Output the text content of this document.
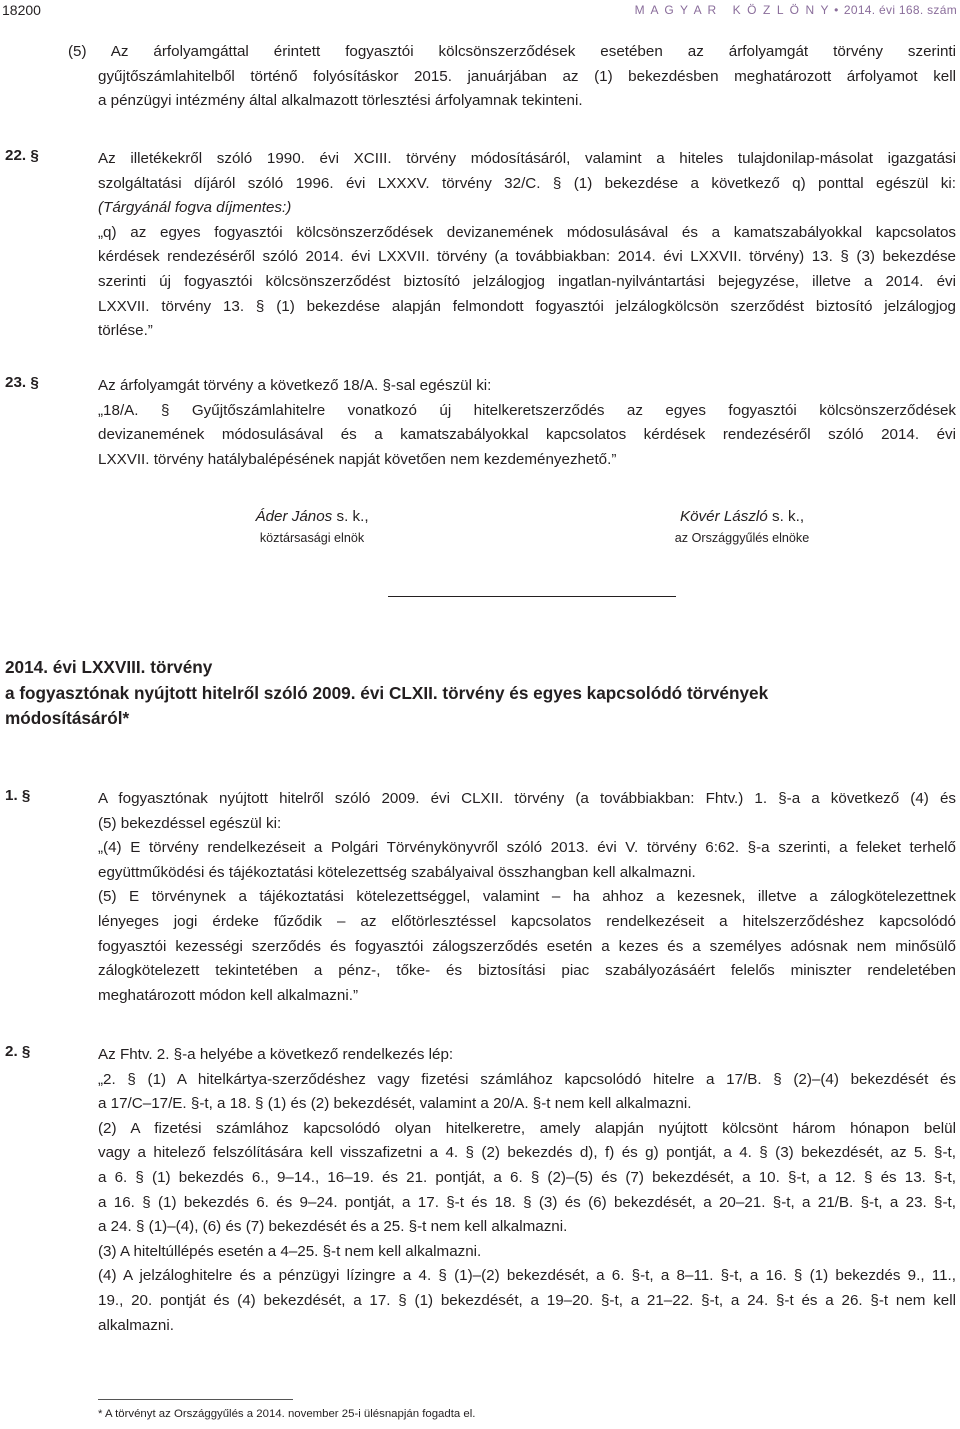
18200	M A G Y A R   K Ö Z L Ö N Y • 2014. évi 168. szám
(5) Az árfolyamgáttal érintett fogyasztói kölcsönszerződések esetében az árfolyamgát törvény szerinti
gyűjtőszámlahitelből történő folyósításkor 2015. januárjában az (1) bekezdésben meghatározott árfolyamot kell
a pénzügyi intézmény által alkalmazott törlesztési árfolyamnak tekinteni.
22. §	Az illetékekről szóló 1990. évi XCIII. törvény módosításáról, valamint a hiteles tulajdonilap-másolat igazgatási
szolgáltatási díjáról szóló 1996. évi LXXXV. törvény 32/C. § (1) bekezdése a következő q) ponttal egészül ki:
(Tárgyánál fogva díjmentes:)
„q) az egyes fogyasztói kölcsönszerződések devizanemének módosulásával és a kamatszabályokkal kapcsolatos
kérdések rendezéséről szóló 2014. évi LXXVII. törvény (a továbbiakban: 2014. évi LXXVII. törvény) 13. § (3) bekezdése
szerinti új fogyasztói kölcsönszerződést biztosító jelzálogjog ingatlan-nyilvántartási bejegyzése, illetve a 2014. évi
LXXVII. törvény 13. § (1) bekezdése alapján felmondott fogyasztói jelzálogkölcsön szerződést biztosító jelzálogjog
törlése.”
23. §	Az árfolyamgát törvény a következő 18/A. §-sal egészül ki:
„18/A. § Gyűjtőszámlahitelre vonatkozó új hitelkeretszerződés az egyes fogyasztói kölcsönszerződések
devizanemének módosulásával és a kamatszabályokkal kapcsolatos kérdések rendezéséről szóló 2014. évi
LXXVII. törvény hatálybalépésének napját követően nem kezdeményezhető.”
Áder János s. k.,
köztársasági elnök
Kövér László s. k.,
az Országgyűlés elnöke
2014. évi LXXVIII. törvény
a fogyasztónak nyújtott hitelről szóló 2009. évi CLXII. törvény és egyes kapcsolódó törvények
módosításáról*
1. §	A fogyasztónak nyújtott hitelről szóló 2009. évi CLXII. törvény (a továbbiakban: Fhtv.) 1. §-a a következő (4) és
(5) bekezdéssel egészül ki:
„(4) E törvény rendelkezéseit a Polgári Törvénykönyvről szóló 2013. évi V. törvény 6:62. §-a szerinti, a feleket terhelő
együttműködési és tájékoztatási kötelezettség szabályaival összhangban kell alkalmazni.
(5) E törvénynek a tájékoztatási kötelezettséggel, valamint – ha ahhoz a kezesnek, illetve a zálogkötelezettnek
lényeges jogi érdeke fűződik – az előtörlesztéssel kapcsolatos rendelkezéseit a hitelszerződéshez kapcsolódó
fogyasztói kezességi szerződés és fogyasztói zálogszerződés esetén a kezes és a személyes adósnak nem minősülő
zálogkötelezett tekintetében a pénz-, tőke- és biztosítási piac szabályozásáért felelős miniszter rendeletében
meghatározott módon kell alkalmazni.”
2. §	Az Fhtv. 2. §-a helyébe a következő rendelkezés lép:
„2. § (1) A hitelkártya-szerződéshez vagy fizetési számlához kapcsolódó hitelre a 17/B. § (2)–(4) bekezdését és
a 17/C–17/E. §-t, a 18. § (1) és (2) bekezdését, valamint a 20/A. §-t nem kell alkalmazni.
(2) A fizetési számlához kapcsolódó olyan hitelkeretre, amely alapján nyújtott kölcsönt három hónapon belül
vagy a hitelező felszólítására kell visszafizetni a 4. § (2) bekezdés d), f) és g) pontját, a 4. § (3) bekezdését, az 5. §-t,
a 6. § (1) bekezdés 6., 9–14., 16–19. és 21. pontját, a 6. § (2)–(5) és (7) bekezdését, a 10. §-t, a 12. § és 13. §-t,
a 16. § (1) bekezdés 6. és 9–24. pontját, a 17. §-t és 18. § (3) és (6) bekezdését, a 20–21. §-t, a 21/B. §-t, a 23. §-t,
a 24. § (1)–(4), (6) és (7) bekezdését és a 25. §-t nem kell alkalmazni.
(3) A hiteltúllépés esetén a 4–25. §-t nem kell alkalmazni.
(4) A jelzáloghitelre és a pénzügyi lízingre a 4. § (1)–(2) bekezdését, a 6. §-t, a 8–11. §-t, a 16. § (1) bekezdés 9., 11.,
19., 20. pontját és (4) bekezdését, a 17. § (1) bekezdését, a 19–20. §-t, a 21–22. §-t, a 24. §-t és a 26. §-t nem kell
alkalmazni.
* A törvényt az Országgyűlés a 2014. november 25-i ülésnapján fogadta el.
